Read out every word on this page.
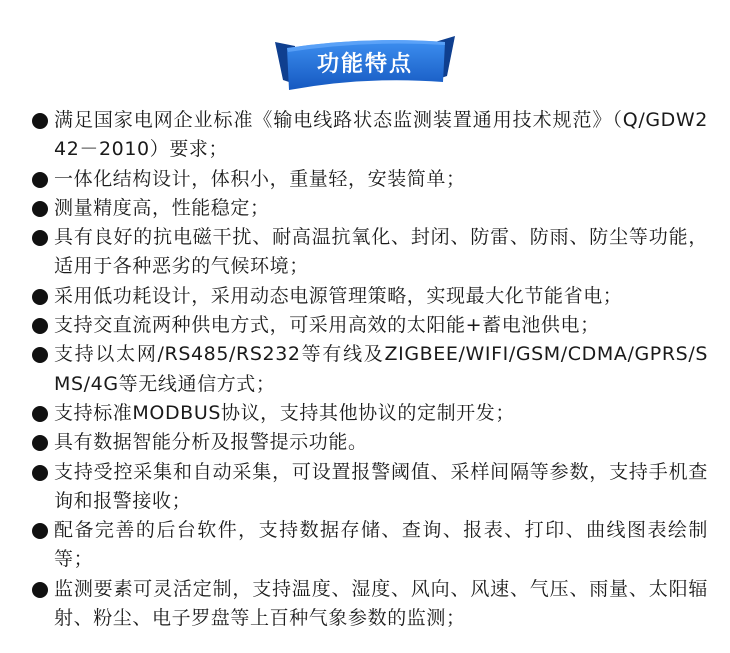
功能特点
满足国家电网企业标准《输电线路状态监测装置通用技术规范》（Q/GDW242－2010）要求；
一体化结构设计，体积小，重量轻，安装简单；
测量精度高，性能稳定；
具有良好的抗电磁干扰、耐高温抗氧化、封闭、防雷、防雨、防尘等功能，适用于各种恶劣的气候环境；
采用低功耗设计，采用动态电源管理策略，实现最大化节能省电；
支持交直流两种供电方式，可采用高效的太阳能+蓄电池供电；
支持以太网/RS485/RS232等有线及ZIGBEE/WIFI/GSM/CDMA/GPRS/SMS/4G等无线通信方式；
支持标准MODBUS协议，支持其他协议的定制开发；
具有数据智能分析及报警提示功能。
支持受控采集和自动采集，可设置报警阈值、采样间隔等参数，支持手机查询和报警接收；
配备完善的后台软件，支持数据存储、查询、报表、打印、曲线图表绘制等；
监测要素可灵活定制，支持温度、湿度、风向、风速、气压、雨量、太阳辐射、粉尘、电子罗盘等上百种气象参数的监测；
